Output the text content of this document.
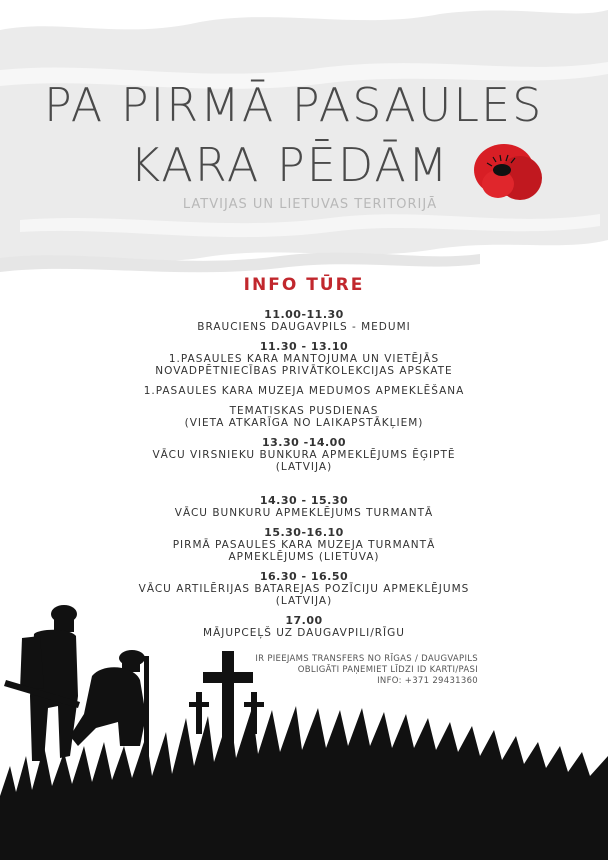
PA PIRMĀ PASAULES
KARA PĒDĀM
LATVIJAS UN LIETUVAS TERITORIJĀ
INFO TŪRE
11.00-11.30
BRAUCIENS DAUGAVPILS - MEDUMI
11.30 - 13.10
1.PASAULES KARA MANTOJUMA UN VIETĒJĀS NOVADPĒTNIECĪBAS PRIVĀTKOLEKCIJAS APSKATE
1.PASAULES KARA MUZEJA MEDUMOS APMEKLĒŠANA
TEMATISKAS PUSDIENAS
(VIETA ATKARĪGA NO LAIKAPSTĀKĻIEM)
13.30 -14.00
VĀCU VIRSNIEKU BUNKURA APMEKLĒJUMS ĒĢIPTĒ
(LATVIJA)
14.30 - 15.30
VĀCU BUNKURU APMEKLĒJUMS TURMANTĀ
15.30-16.10
PIRMĀ PASAULES KARA MUZEJA TURMANTĀ
APMEKLĒJUMS (LIETUVA)
16.30 - 16.50
VĀCU ARTILĒRIJAS BATAREJAS POZĪCIJU APMEKLĒJUMS
(LATVIJA)
17.00
MĀJUPCEĻŠ UZ DAUGAVPILI/RĪGU
IR PIEEJAMS TRANSFERS NO RĪGAS / DAUGVAPILS
OBLIGĀTI PAŅEMIET LĪDZI ID KARTI/PASI
INFO: +371 29431360
